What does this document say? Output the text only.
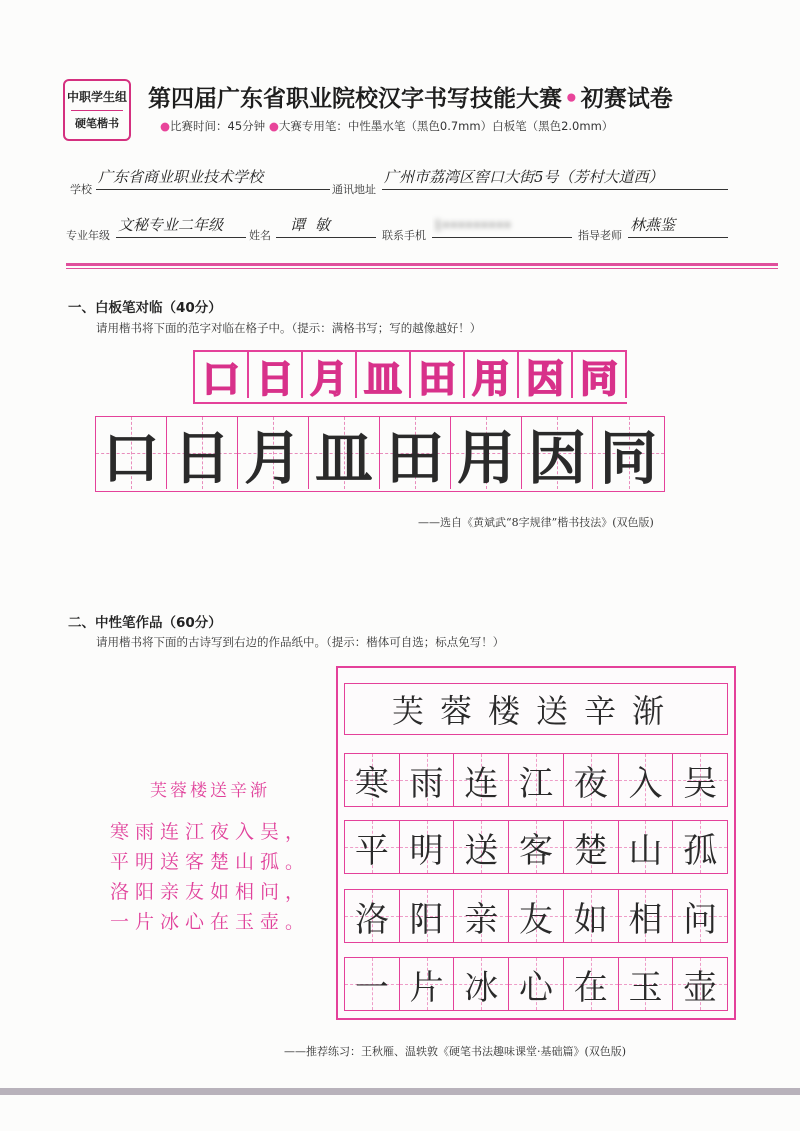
中职学生组
硬笔楷书
第四届广东省职业院校汉字书写技能大赛•初赛试卷
●比赛时间：45分钟 ●大赛专用笔：中性墨水笔（黑色0.7mm）白板笔（黑色2.0mm）
学校
广东省商业职业技术学校
通讯地址
广州市荔湾区窖口大街5号（芳村大道西）
专业年级
文秘专业二年级
姓名
谭敏
联系手机
1•••••••••
指导老师
林燕鉴
一、白板笔对临（40分）
请用楷书将下面的范字对临在格子中。（提示：满格书写；写的越像越好！）
口 日 月 皿 田 用 因 同
口 日 月 皿 田 用 因 同
——选自《黄斌武“8字规律”楷书技法》(双色版)
二、中性笔作品（60分）
请用楷书将下面的古诗写到右边的作品纸中。（提示：楷体可自选；标点免写！）
芙蓉楼送辛渐
寒雨连江夜入吴，
平明送客楚山孤。
洛阳亲友如相问，
一片冰心在玉壶。
芙蓉楼送辛渐
寒 雨 连 江 夜 入 吴
平 明 送 客 楚 山 孤
洛 阳 亲 友 如 相 问
一 片 冰 心 在 玉 壶
——推荐练习：王秋雁、温轶敦《硬笔书法趣味课堂·基础篇》(双色版)
